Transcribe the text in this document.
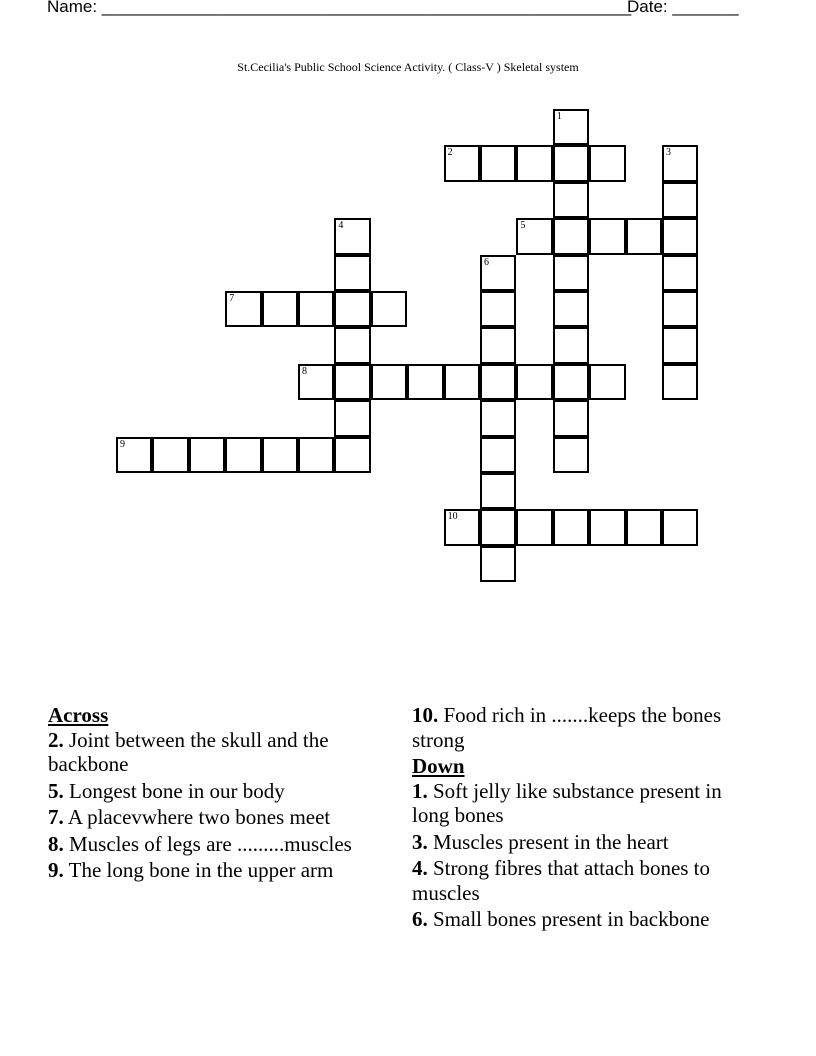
Name: ________________________________________________________
Date: _______
St.Cecilia's Public School Science Activity. ( Class-V ) Skeletal system
1
2	3
4	5
6
7
8
9
10
Across
2. Joint between the skull and the backbone
5. Longest bone in our body
7. A placevwhere two bones meet
8. Muscles of legs are .........muscles
9. The long bone in the upper arm
10. Food rich in .......keeps the bones strong
Down
1. Soft jelly like substance present in long bones
3. Muscles present in the heart
4. Strong fibres that attach bones to muscles
6. Small bones present in backbone
